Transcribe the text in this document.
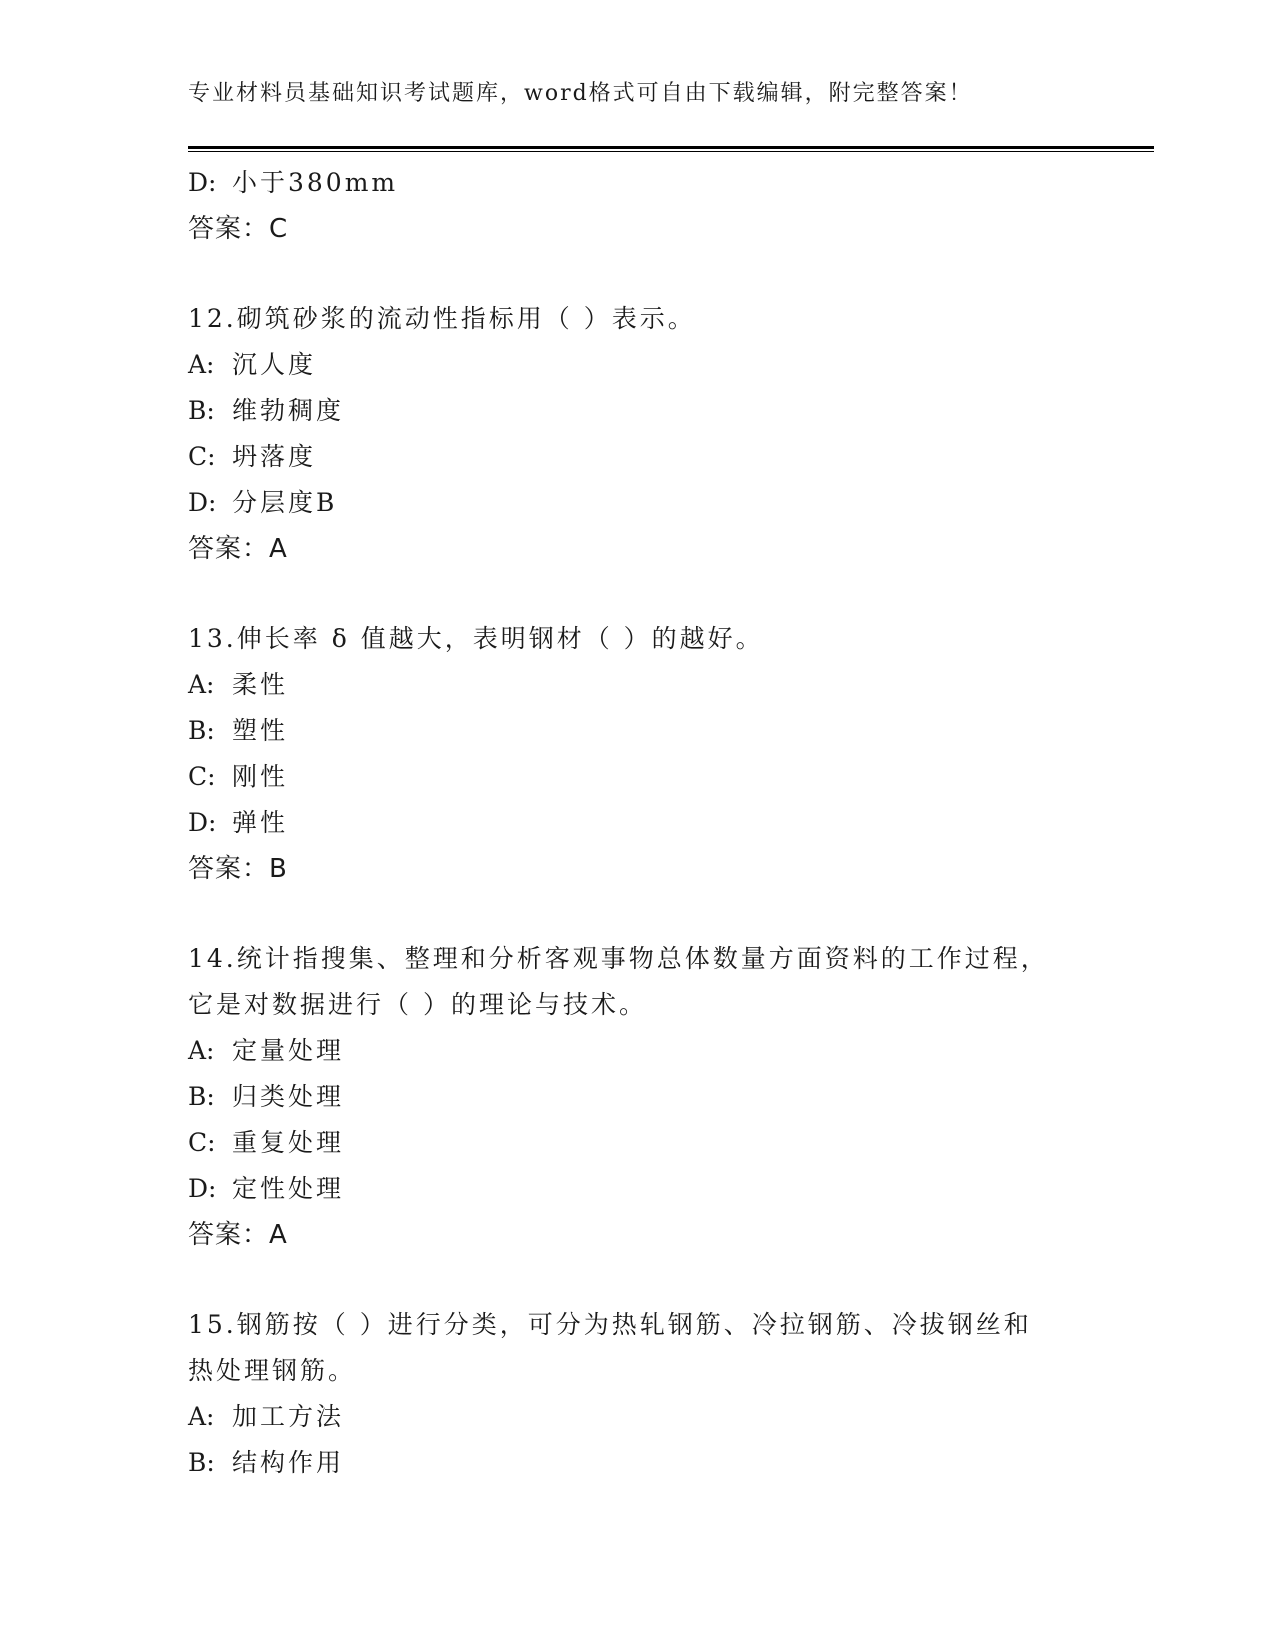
专业材料员基础知识考试题库，word格式可自由下载编辑，附完整答案！
D: 小于380mm
答案：C
12.砌筑砂浆的流动性指标用（ ）表示。
A: 沉人度
B: 维勃稠度
C: 坍落度
D: 分层度B
答案：A
13.伸长率 δ 值越大，表明钢材（ ）的越好。
A: 柔性
B: 塑性
C: 刚性
D: 弹性
答案：B
14.统计指搜集、整理和分析客观事物总体数量方面资料的工作过程，
它是对数据进行（ ）的理论与技术。
A: 定量处理
B: 归类处理
C: 重复处理
D: 定性处理
答案：A
15.钢筋按（ ）进行分类，可分为热轧钢筋、冷拉钢筋、冷拔钢丝和
热处理钢筋。
A: 加工方法
B: 结构作用
